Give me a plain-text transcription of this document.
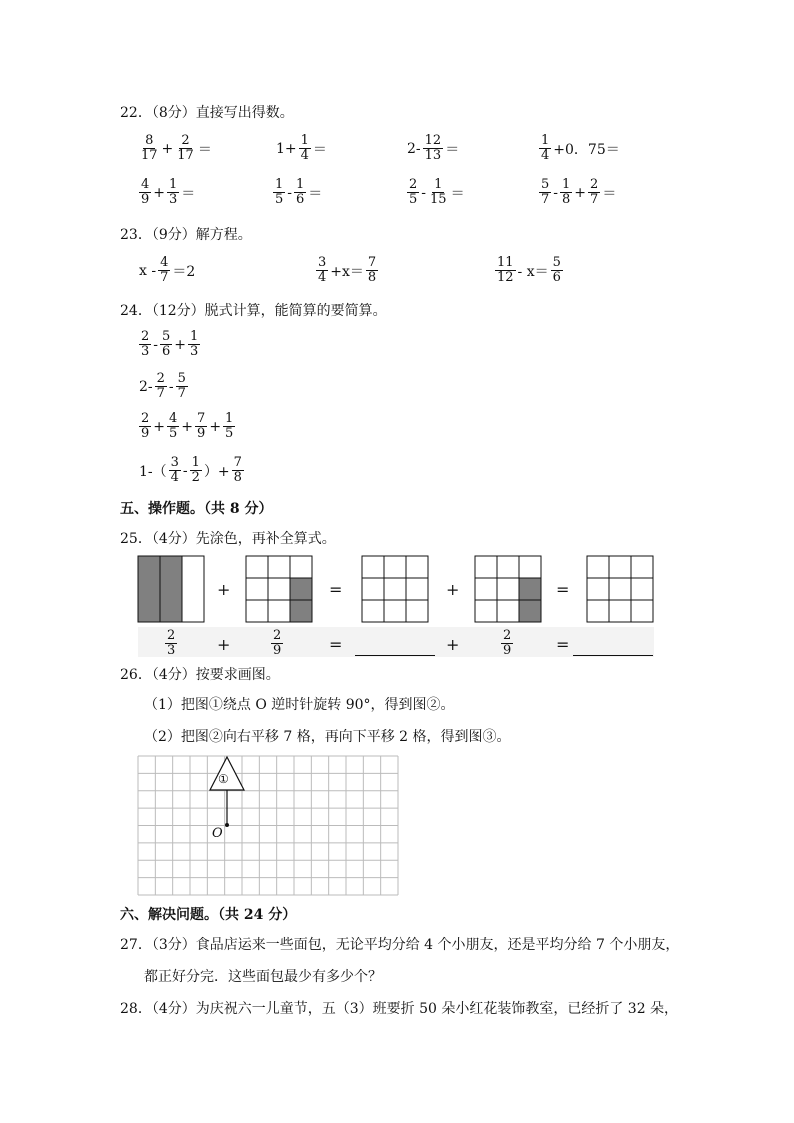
22．（8分）直接写出得数。
$\frac{8}{17} + \frac{2}{17}$ ＝	$1+ \frac{1}{4}$ ＝	$2- \frac{12}{13}$ ＝	$\frac{1}{4} +0$．75＝
$\frac{4}{9} + \frac{1}{3}$ ＝	$\frac{1}{5} - \frac{1}{6}$ ＝	$\frac{2}{5} - \frac{1}{15}$ ＝	$\frac{5}{7} - \frac{1}{8} + \frac{2}{7}$ ＝
23．（9分）解方程。
$x - \frac{4}{7} =2$	$\frac{3}{4} +x= \frac{7}{8}$	$\frac{11}{12} - x= \frac{5}{6}$
24．（12分）脱式计算，能简算的要简算。
$\frac{2}{3} - \frac{5}{6} + \frac{1}{3}$
$2- \frac{2}{7} - \frac{5}{7}$
$\frac{2}{9} + \frac{4}{5} + \frac{7}{9} + \frac{1}{5}$
$1-( \frac{3}{4} - \frac{1}{2}$ ）+ $\frac{7}{8}$
五、操作题。（共 8 分）
25．（4分）先涂色，再补全算式。
+	=	+	=
$\frac{2}{3}$ +	$\frac{2}{9}$	=	+	$\frac{2}{9}$	=
26．（4分）按要求画图。
（1）把图①绕点 O 逆时针旋转 90°，得到图②。
（2）把图②向右平移 7 格，再向下平移 2 格，得到图③。
①
O
六、解决问题。（共 24 分）
27．（3分）食品店运来一些面包，无论平均分给 4 个小朋友，还是平均分给 7 个小朋友，
都正好分完．这些面包最少有多少个？
28．（4分）为庆祝六一儿童节，五（3）班要折 50 朵小红花装饰教室，已经折了 32 朵，
